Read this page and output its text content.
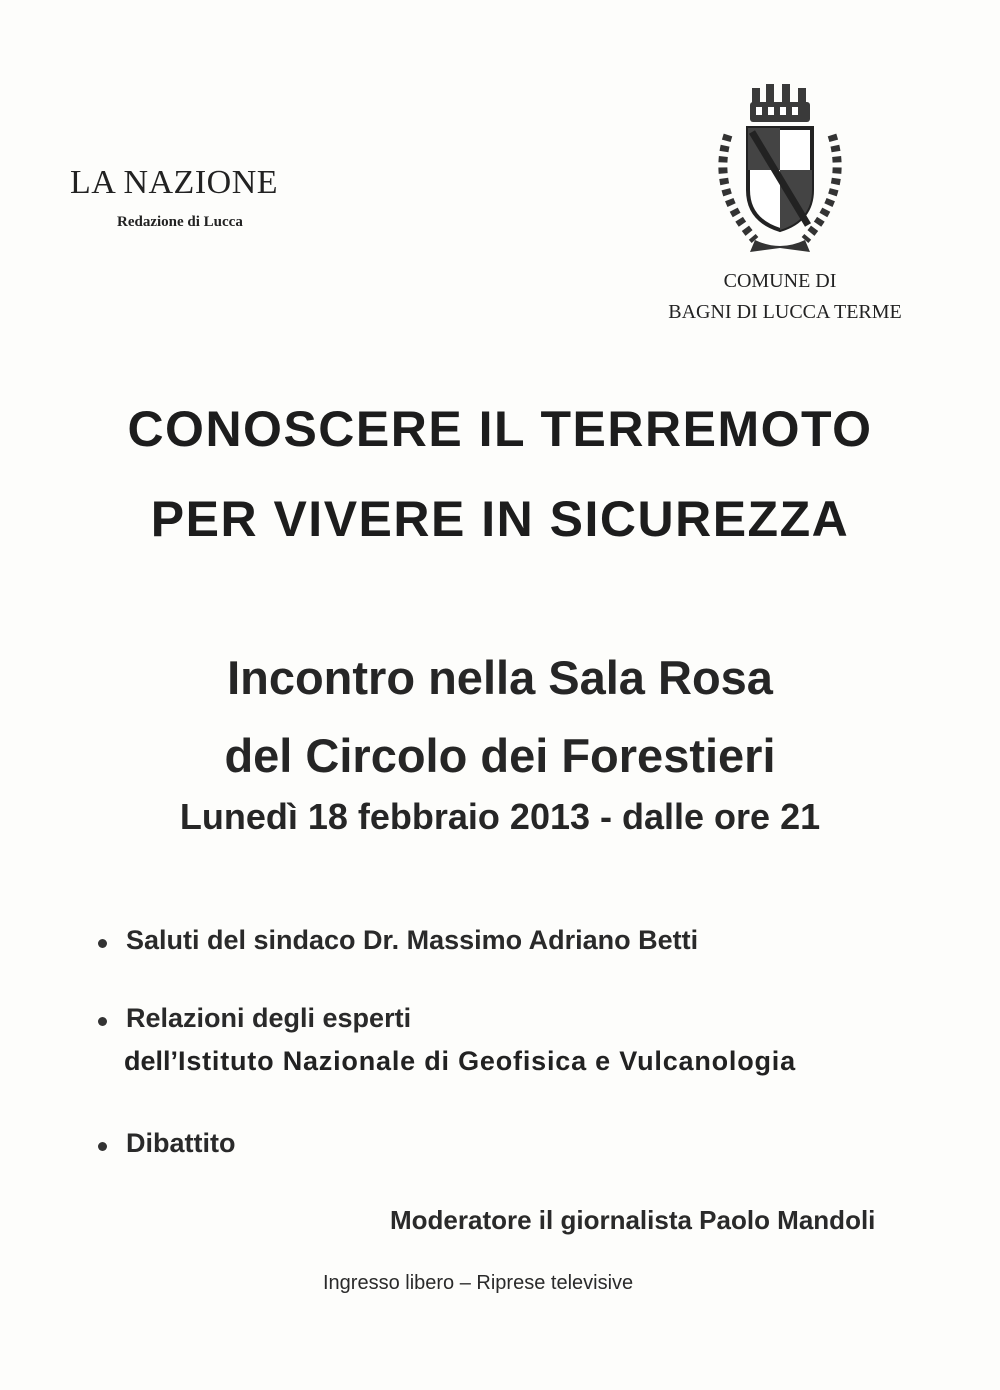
LA NAZIONE
Redazione di Lucca
COMUNE DI
BAGNI DI LUCCA TERME
CONOSCERE IL TERREMOTO
PER VIVERE IN SICUREZZA
Incontro nella Sala Rosa
del Circolo dei Forestieri
Lunedì 18 febbraio 2013 - dalle ore 21
Saluti del sindaco Dr. Massimo Adriano Betti
Relazioni degli esperti
dell’Istituto Nazionale di Geofisica e Vulcanologia
Dibattito
Moderatore il giornalista Paolo Mandoli
Ingresso libero – Riprese televisive
